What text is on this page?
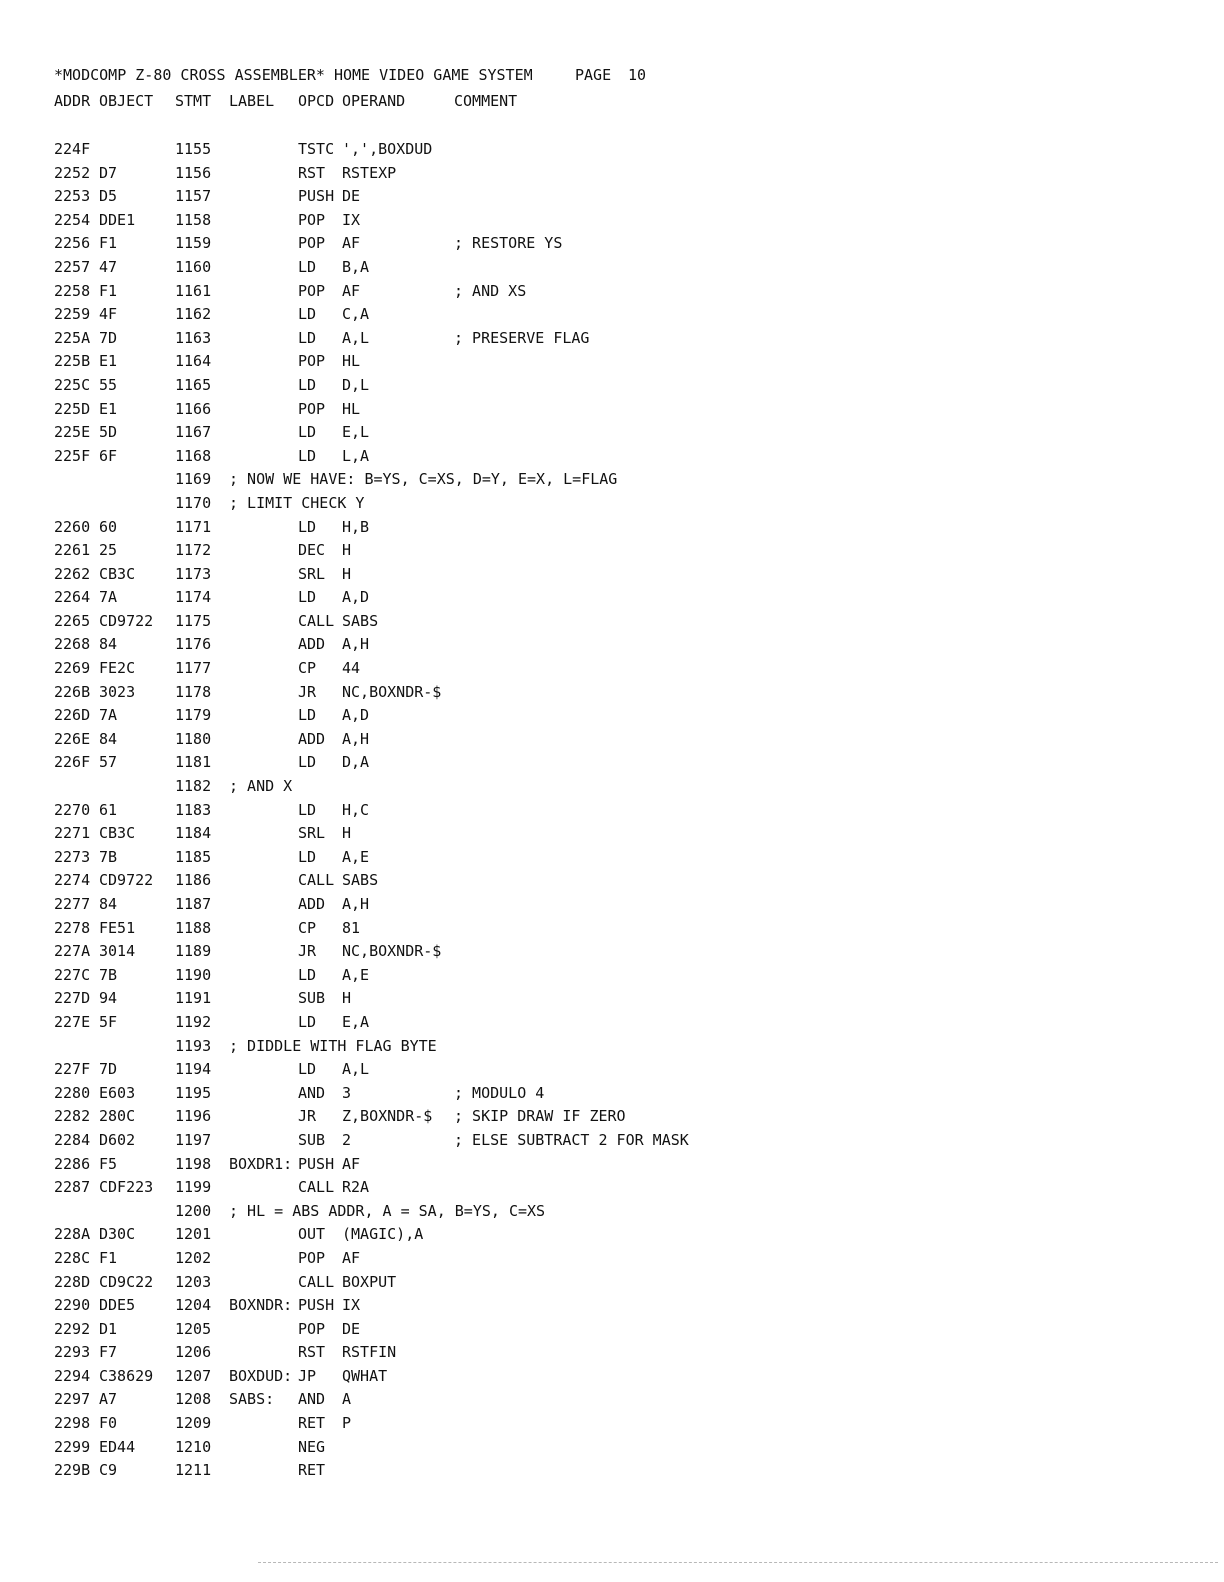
*MODCOMP Z-80 CROSS ASSEMBLER* HOME VIDEO GAME SYSTEM

	PAGE

10

ADDR OBJECT STMT LABEL OPCD OPERAND	COMMENT
224F	1155	TSTC ',',BOXDUD
2252 D7	1156	RST RSTEXP
2253 D5	1157	PUSH DE
2254 DDE1	1158	POP IX
2256 F1	1159	POP AF	; RESTORE YS
2257 47	1160	LD B,A
2258 F1	1161	POP AF	; AND XS
2259 4F	1162	LD C,A
225A 7D	1163	LD A,L	; PRESERVE FLAG
225B E1	1164	POP HL
225C 55	1165	LD D,L
225D E1	1166	POP HL
225E 5D	1167	LD E,L
225F 6F	1168	LD L,A
1169 ; NOW WE HAVE: B=YS, C=XS, D=Y, E=X, L=FLAG
1170 ; LIMIT CHECK Y
2260 60	1171	LD H,B
2261 25	1172	DEC H
2262 CB3C	1173	SRL H
2264 7A	1174	LD A,D
2265 CD9722 1175	CALL SABS
2268 84	1176	ADD A,H
2269 FE2C	1177	CP 44
226B 3023	1178	JR NC,BOXNDR-$
226D 7A	1179	LD A,D
226E 84	1180	ADD A,H
226F 57	1181	LD D,A
1182 ; AND X
2270 61	1183	LD H,C
2271 CB3C	1184	SRL H
2273 7B	1185	LD A,E
2274 CD9722 1186	CALL SABS
2277 84	1187	ADD A,H
2278 FE51	1188	CP 81
227A 3014	1189	JR NC,BOXNDR-$
227C 7B	1190	LD A,E
227D 94	1191	SUB H
227E 5F	1192	LD E,A
1193 ; DIDDLE WITH FLAG BYTE
227F 7D	1194	LD A,L
2280 E603	1195	AND 3	; MODULO 4
2282 280C	1196	JR Z,BOXNDR-$ ; SKIP DRAW IF ZERO
2284 D602	1197	SUB 2	; ELSE SUBTRACT 2 FOR MASK
2286 F5	1198 BOXDR1: PUSH AF
2287 CDF223 1199	CALL R2A
1200 ; HL = ABS ADDR, A = SA, B=YS, C=XS
228A D30C	1201	OUT (MAGIC),A
228C F1	1202	POP AF
228D CD9C22 1203	CALL BOXPUT
2290 DDE5	1204 BOXNDR: PUSH IX
2292 D1	1205	POP DE
2293 F7	1206	RST RSTFIN
2294 C38629 1207 BOXDUD: JP QWHAT
2297 A7	1208 SABS: AND A
2298 F0	1209	RET P
2299 ED44	1210	NEG
229B C9	1211	RET
